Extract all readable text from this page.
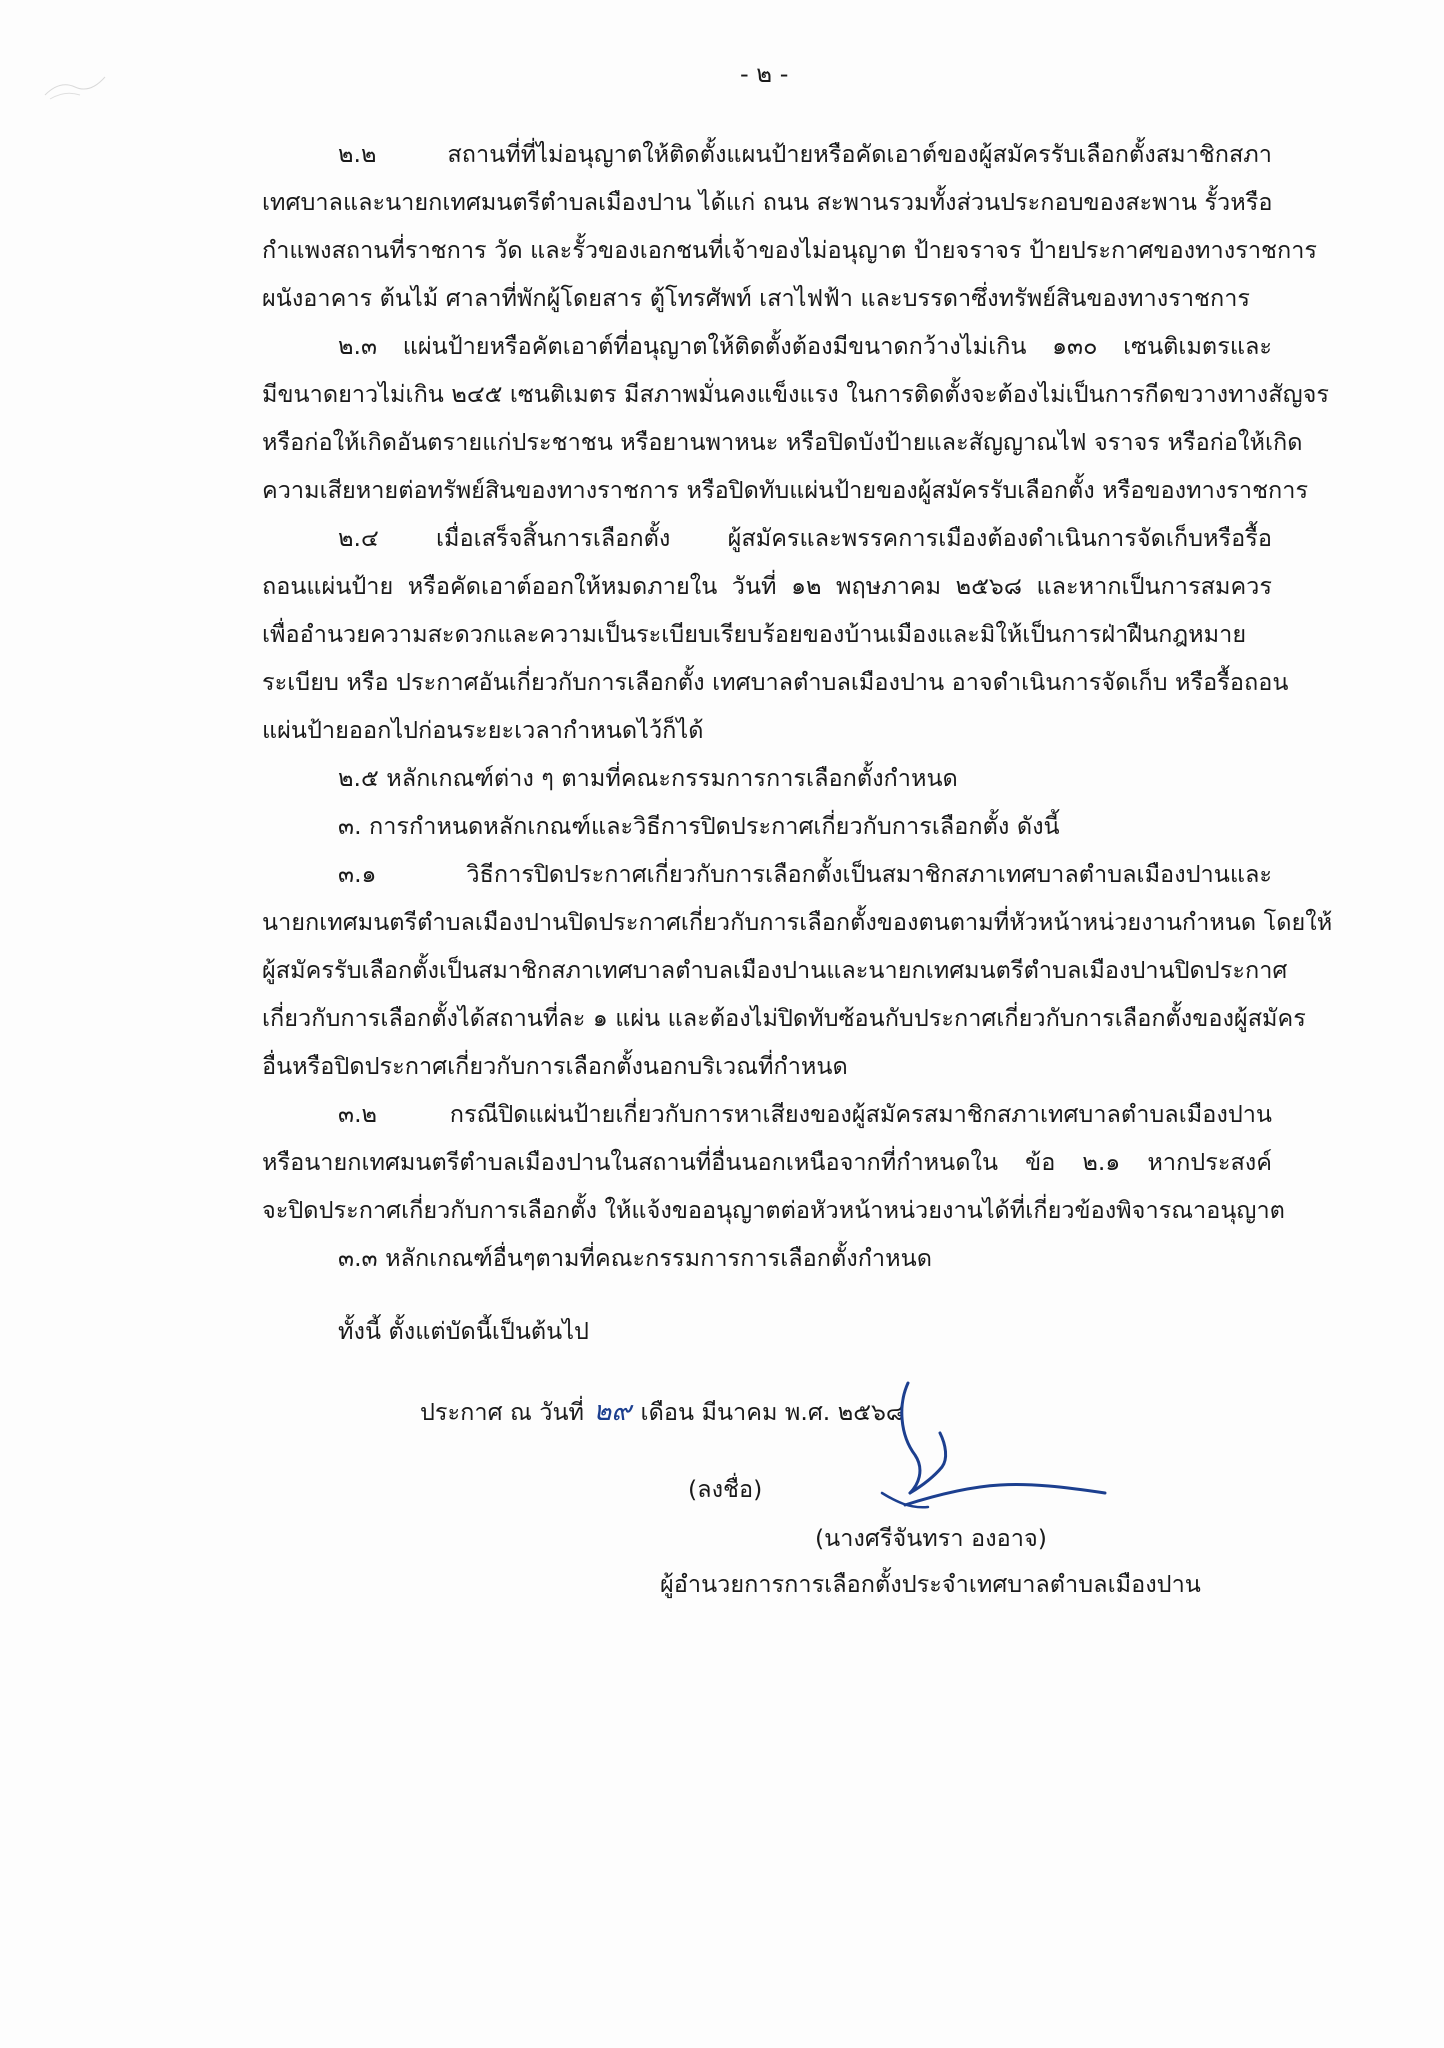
- ๒ -
๒.๒ สถานที่ที่ไม่อนุญาตให้ติดตั้งแผนป้ายหรือคัดเอาต์ของผู้สมัครรับเลือกตั้งสมาชิกสภา
เทศบาลและนายกเทศมนตรีตำบลเมืองปาน ได้แก่ ถนน สะพานรวมทั้งส่วนประกอบของสะพาน รั้วหรือ
กำแพงสถานที่ราชการ วัด และรั้วของเอกชนที่เจ้าของไม่อนุญาต ป้ายจราจร ป้ายประกาศของทางราชการ
ผนังอาคาร ต้นไม้ ศาลาที่พักผู้โดยสาร ตู้โทรศัพท์ เสาไฟฟ้า และบรรดาซึ่งทรัพย์สินของทางราชการ
๒.๓ แผ่นป้ายหรือคัตเอาต์ที่อนุญาตให้ติดตั้งต้องมีขนาดกว้างไม่เกิน ๑๓๐ เซนติเมตรและ
มีขนาดยาวไม่เกิน ๒๔๕ เซนติเมตร มีสภาพมั่นคงแข็งแรง ในการติดตั้งจะต้องไม่เป็นการกีดขวางทางสัญจร
หรือก่อให้เกิดอันตรายแก่ประชาชน หรือยานพาหนะ หรือปิดบังป้ายและสัญญาณไฟ จราจร หรือก่อให้เกิด
ความเสียหายต่อทรัพย์สินของทางราชการ หรือปิดทับแผ่นป้ายของผู้สมัครรับเลือกตั้ง หรือของทางราชการ
๒.๔ เมื่อเสร็จสิ้นการเลือกตั้ง ผู้สมัครและพรรคการเมืองต้องดำเนินการจัดเก็บหรือรื้อ
ถอนแผ่นป้าย หรือคัดเอาต์ออกให้หมดภายใน วันที่ ๑๒ พฤษภาคม ๒๕๖๘ และหากเป็นการสมควร
เพื่ออำนวยความสะดวกและความเป็นระเบียบเรียบร้อยของบ้านเมืองและมิให้เป็นการฝ่าฝืนกฎหมาย
ระเบียบ หรือ ประกาศอันเกี่ยวกับการเลือกตั้ง เทศบาลตำบลเมืองปาน อาจดำเนินการจัดเก็บ หรือรื้อถอน
แผ่นป้ายออกไปก่อนระยะเวลากำหนดไว้ก็ได้
๒.๕ หลักเกณฑ์ต่าง ๆ ตามที่คณะกรรมการการเลือกตั้งกำหนด
๓. การกำหนดหลักเกณฑ์และวิธีการปิดประกาศเกี่ยวกับการเลือกตั้ง ดังนี้
๓.๑ วิธีการปิดประกาศเกี่ยวกับการเลือกตั้งเป็นสมาชิกสภาเทศบาลตำบลเมืองปานและ
นายกเทศมนตรีตำบลเมืองปานปิดประกาศเกี่ยวกับการเลือกตั้งของตนตามที่หัวหน้าหน่วยงานกำหนด โดยให้
ผู้สมัครรับเลือกตั้งเป็นสมาชิกสภาเทศบาลตำบลเมืองปานและนายกเทศมนตรีตำบลเมืองปานปิดประกาศ
เกี่ยวกับการเลือกตั้งได้สถานที่ละ ๑ แผ่น และต้องไม่ปิดทับซ้อนกับประกาศเกี่ยวกับการเลือกตั้งของผู้สมัคร
อื่นหรือปิดประกาศเกี่ยวกับการเลือกตั้งนอกบริเวณที่กำหนด
๓.๒ กรณีปิดแผ่นป้ายเกี่ยวกับการหาเสียงของผู้สมัครสมาชิกสภาเทศบาลตำบลเมืองปาน
หรือนายกเทศมนตรีตำบลเมืองปานในสถานที่อื่นนอกเหนือจากที่กำหนดใน ข้อ ๒.๑ หากประสงค์
จะปิดประกาศเกี่ยวกับการเลือกตั้ง ให้แจ้งขออนุญาตต่อหัวหน้าหน่วยงานได้ที่เกี่ยวข้องพิจารณาอนุญาต
๓.๓ หลักเกณฑ์อื่นๆตามที่คณะกรรมการการเลือกตั้งกำหนด
ทั้งนี้ ตั้งแต่บัดนี้เป็นต้นไป
ประกาศ ณ วันที่ ๒๙ เดือน มีนาคม พ.ศ. ๒๕๖๘
(ลงชื่อ)
(นางศรีจันทรา องอาจ)
ผู้อำนวยการการเลือกตั้งประจำเทศบาลตำบลเมืองปาน
